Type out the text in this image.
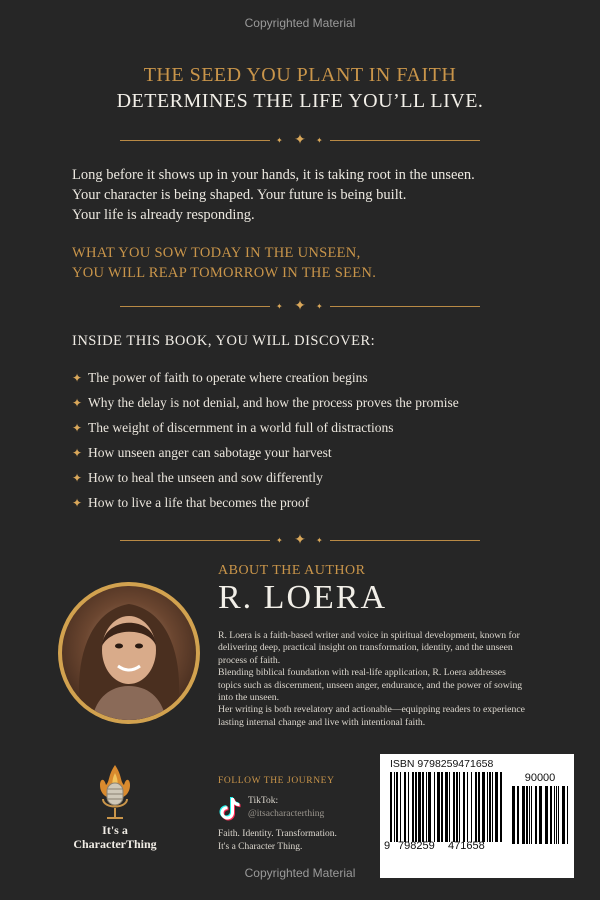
Copyrighted Material
THE SEED YOU PLANT IN FAITH
DETERMINES THE LIFE YOU’LL LIVE.
✦ ✦ ✦
Long before it shows up in your hands, it is taking root in the unseen.
Your character is being shaped. Your future is being built.
Your life is already responding.
WHAT YOU SOW TODAY IN THE UNSEEN,
YOU WILL REAP TOMORROW IN THE SEEN.
✦ ✦ ✦
INSIDE THIS BOOK, YOU WILL DISCOVER:
✦ The power of faith to operate where creation begins
✦ Why the delay is not denial, and how the process proves the promise
✦ The weight of discernment in a world full of distractions
✦ How unseen anger can sabotage your harvest
✦ How to heal the unseen and sow differently
✦ How to live a life that becomes the proof
✦ ✦ ✦
ABOUT THE AUTHOR
R. LOERA

R. Loera is a faith-based writer and voice in spiritual development, known for delivering deep, practical insight on transformation, identity, and the unseen process of faith.

Blending biblical foundation with real-life application, R. Loera addresses topics such as discernment, unseen anger, endurance, and the power of sowing into the unseen.

Her writing is both revelatory and actionable—equipping readers to experience lasting internal change and live with intentional faith.

It's a
CharacterThing
FOLLOW THE JOURNEY
TikTok:
@itsacharacterthing
Faith. Identity. Transformation.
It's a Character Thing.
ISBN 9798259471658
90000
9 798259 471658
Copyrighted Material
